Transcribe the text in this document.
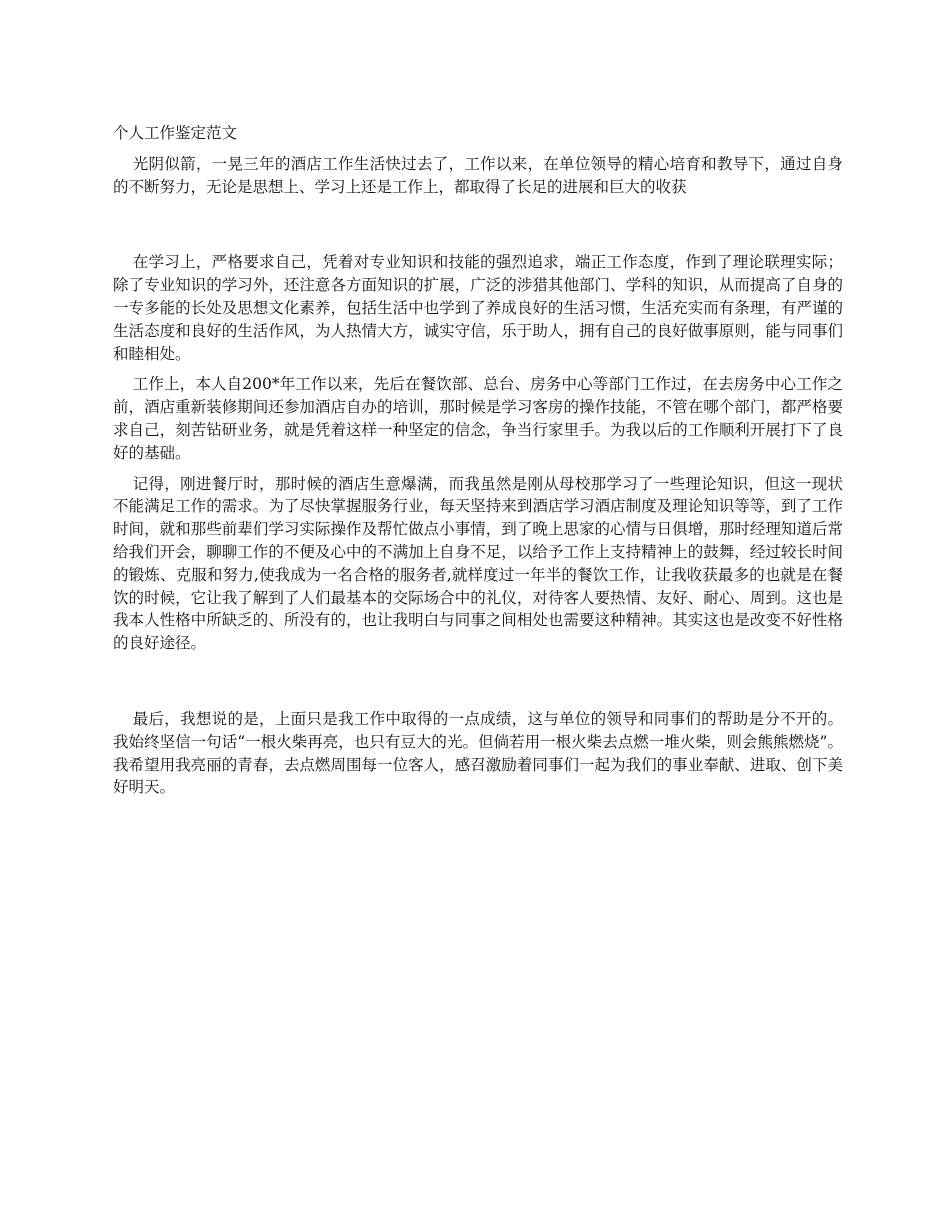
个人工作鉴定范文

光阴似箭，一晃三年的酒店工作生活快过去了，工作以来，在单位领导的精心培育和教导下，通过自身的不断努力，无论是思想上、学习上还是工作上，都取得了长足的进展和巨大的收获

在学习上，严格要求自己，凭着对专业知识和技能的强烈追求，端正工作态度，作到了理论联理实际；除了专业知识的学习外，还注意各方面知识的扩展，广泛的涉猎其他部门、学科的知识，从而提高了自身的一专多能的长处及思想文化素养，包括生活中也学到了养成良好的生活习惯，生活充实而有条理，有严谨的生活态度和良好的生活作风，为人热情大方，诚实守信，乐于助人，拥有自己的良好做事原则，能与同事们和睦相处。

工作上，本人自200*年工作以来，先后在餐饮部、总台、房务中心等部门工作过，在去房务中心工作之前，酒店重新装修期间还参加酒店自办的培训，那时候是学习客房的操作技能，不管在哪个部门，都严格要求自己，刻苦钻研业务，就是凭着这样一种坚定的信念，争当行家里手。为我以后的工作顺利开展打下了良好的基础。

记得，刚进餐厅时，那时候的酒店生意爆满，而我虽然是刚从母校那学习了一些理论知识，但这一现状不能满足工作的需求。为了尽快掌握服务行业，每天坚持来到酒店学习酒店制度及理论知识等等，到了工作时间，就和那些前辈们学习实际操作及帮忙做点小事情，到了晚上思家的心情与日俱增，那时经理知道后常给我们开会，聊聊工作的不便及心中的不满加上自身不足，以给予工作上支持精神上的鼓舞，经过较长时间的锻炼、克服和努力,使我成为一名合格的服务者,就样度过一年半的餐饮工作，让我收获最多的也就是在餐饮的时候，它让我了解到了人们最基本的交际场合中的礼仪，对待客人要热情、友好、耐心、周到。这也是我本人性格中所缺乏的、所没有的，也让我明白与同事之间相处也需要这种精神。其实这也是改变不好性格的良好途径。

最后，我想说的是，上面只是我工作中取得的一点成绩，这与单位的领导和同事们的帮助是分不开的。我始终坚信一句话“一根火柴再亮，也只有豆大的光。但倘若用一根火柴去点燃一堆火柴，则会熊熊燃烧”。我希望用我亮丽的青春，去点燃周围每一位客人，感召激励着同事们一起为我们的事业奉献、进取、创下美好明天。
